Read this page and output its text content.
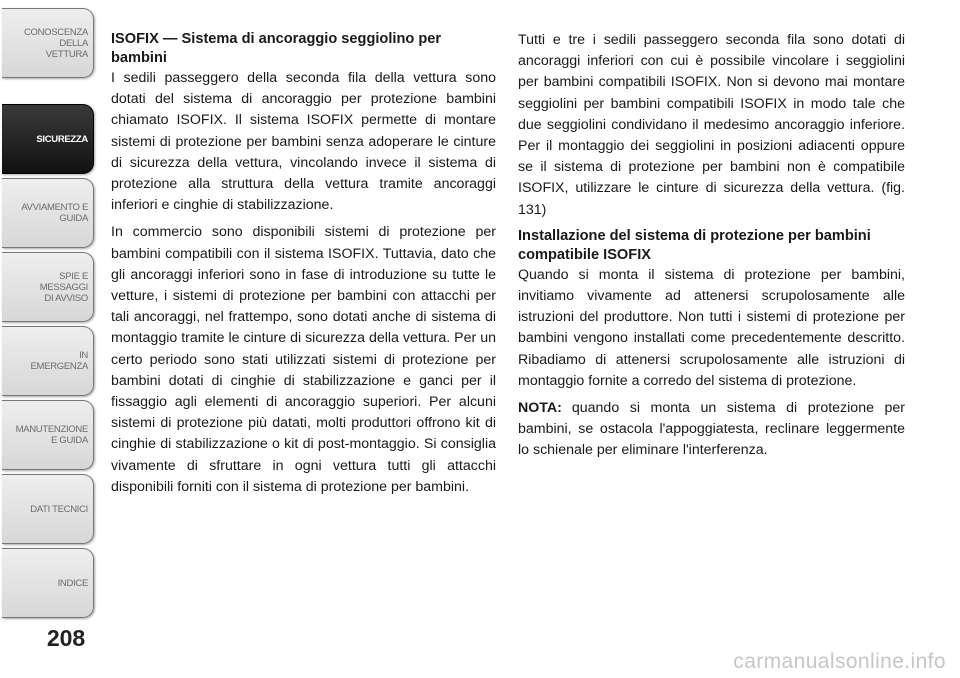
CONOSCENZA DELLA
VETTURA
SICUREZZA
AVVIAMENTO E
GUIDA
SPIE E
MESSAGGI
DI AVVISO
IN
EMERGENZA
MANUTENZIONE
E GUIDA
DATI TECNICI
INDICE
208
ISOFIX — Sistema di ancoraggio seggiolino per bambini

I sedili passeggero della seconda fila della vettura sono dotati del sistema di ancoraggio per protezione bambini chiamato ISOFIX. Il sistema ISOFIX permette di montare sistemi di protezione per bambini senza adoperare le cinture di sicurezza della vettura, vincolando invece il sistema di protezione alla struttura della vettura tramite ancoraggi inferiori e cinghie di stabilizzazione.

In commercio sono disponibili sistemi di protezione per bambini compatibili con il sistema ISOFIX. Tuttavia, dato che gli ancoraggi inferiori sono in fase di introduzione su tutte le vetture, i sistemi di protezione per bambini con attacchi per tali ancoraggi, nel frattempo, sono dotati anche di sistema di montaggio tramite le cinture di sicurezza della vettura. Per un certo periodo sono stati utilizzati sistemi di protezione per bambini dotati di cinghie di stabilizzazione e ganci per il fissaggio agli elementi di ancoraggio superiori. Per alcuni sistemi di protezione più datati, molti produttori offrono kit di cinghie di stabilizzazione o kit di post-montaggio. Si consiglia vivamente di sfruttare in ogni vettura tutti gli attacchi disponibili forniti con il sistema di protezione per bambini.

Tutti e tre i sedili passeggero seconda fila sono dotati di ancoraggi inferiori con cui è possibile vincolare i seggiolini per bambini compatibili ISOFIX. Non si devono mai montare seggiolini per bambini compatibili ISOFIX in modo tale che due seggiolini condividano il medesimo ancoraggio inferiore. Per il montaggio dei seggiolini in posizioni adiacenti oppure se il sistema di protezione per bambini non è compatibile ISOFIX, utilizzare le cinture di sicurezza della vettura. (fig. 131)

Installazione del sistema di protezione per bambini compatibile ISOFIX

Quando si monta il sistema di protezione per bambini, invitiamo vivamente ad attenersi scrupolosamente alle istruzioni del produttore. Non tutti i sistemi di protezione per bambini vengono installati come precedentemente descritto. Ribadiamo di attenersi scrupolosamente alle istruzioni di montaggio fornite a corredo del sistema di protezione.

NOTA: quando si monta un sistema di protezione per bambini, se ostacola l'appoggiatesta, reclinare leggermente lo schienale per eliminare l'interferenza.

carmanualsonline.info
